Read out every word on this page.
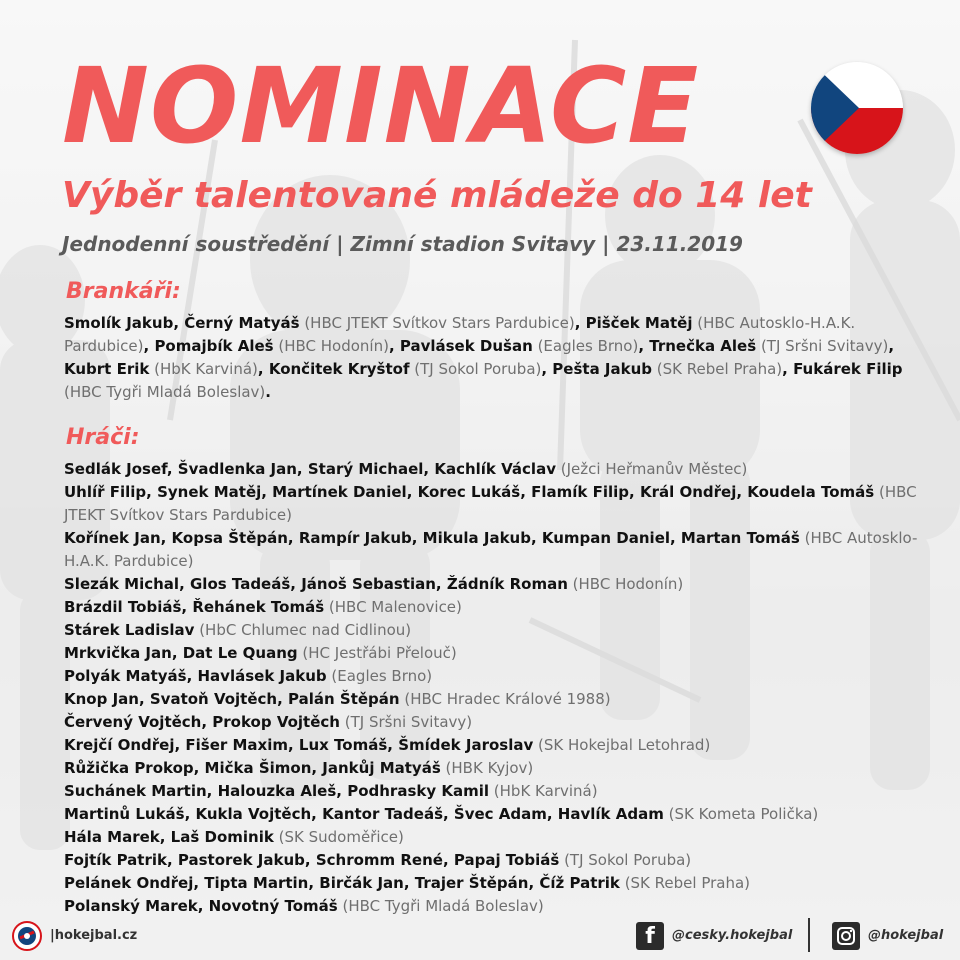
NOMINACE
Výběr talentované mládeže do 14 let

Jednodenní soustředění | Zimní stadion Svitavy | 23.11.2019

Brankáři:

Smolík Jakub, Černý Matyáš (HBC JTEKT Svítkov Stars Pardubice), Pišček Matěj (HBC Autosklo-H.A.K. Pardubice), Pomajbík Aleš (HBC Hodonín), Pavlásek Dušan (Eagles Brno), Trnečka Aleš (TJ Sršni Svitavy), Kubrt Erik (HbK Karviná), Končitek Kryštof (TJ Sokol Poruba), Pešta Jakub (SK Rebel Praha), Fukárek Filip (HBC Tygři Mladá Boleslav).

Hráči:
Sedlák Josef, Švadlenka Jan, Starý Michael, Kachlík Václav (Ježci Heřmanův Městec)
Uhlíř Filip, Synek Matěj, Martínek Daniel, Korec Lukáš, Flamík Filip, Král Ondřej, Koudela Tomáš (HBC JTEKT Svítkov Stars Pardubice)
Kořínek Jan, Kopsa Štěpán, Rampír Jakub, Mikula Jakub, Kumpan Daniel, Martan Tomáš (HBC Autosklo-H.A.K. Pardubice)
Slezák Michal, Glos Tadeáš, Jánoš Sebastian, Žádník Roman (HBC Hodonín)
Brázdil Tobiáš, Řehánek Tomáš (HBC Malenovice)
Stárek Ladislav (HbC Chlumec nad Cidlinou)
Mrkvička Jan, Dat Le Quang (HC Jestřábi Přelouč)
Polyák Matyáš, Havlásek Jakub (Eagles Brno)
Knop Jan, Svatoň Vojtěch, Palán Štěpán (HBC Hradec Králové 1988)
Červený Vojtěch, Prokop Vojtěch (TJ Sršni Svitavy)
Krejčí Ondřej, Fišer Maxim, Lux Tomáš, Šmídek Jaroslav (SK Hokejbal Letohrad)
Růžička Prokop, Mička Šimon, Jankůj Matyáš (HBK Kyjov)
Suchánek Martin, Halouzka Aleš, Podhrasky Kamil (HbK Karviná)
Martinů Lukáš, Kukla Vojtěch, Kantor Tadeáš, Švec Adam, Havlík Adam (SK Kometa Polička)
Hála Marek, Laš Dominik (SK Sudoměřice)
Fojtík Patrik, Pastorek Jakub, Schromm René, Papaj Tobiáš (TJ Sokol Poruba)
Pelánek Ondřej, Tipta Martin, Birčák Jan, Trajer Štěpán, Číž Patrik (SK Rebel Praha)
Polanský Marek, Novotný Tomáš (HBC Tygři Mladá Boleslav)

|hokejbal.cz	f	@cesky.hokejbal	@hokejbal
